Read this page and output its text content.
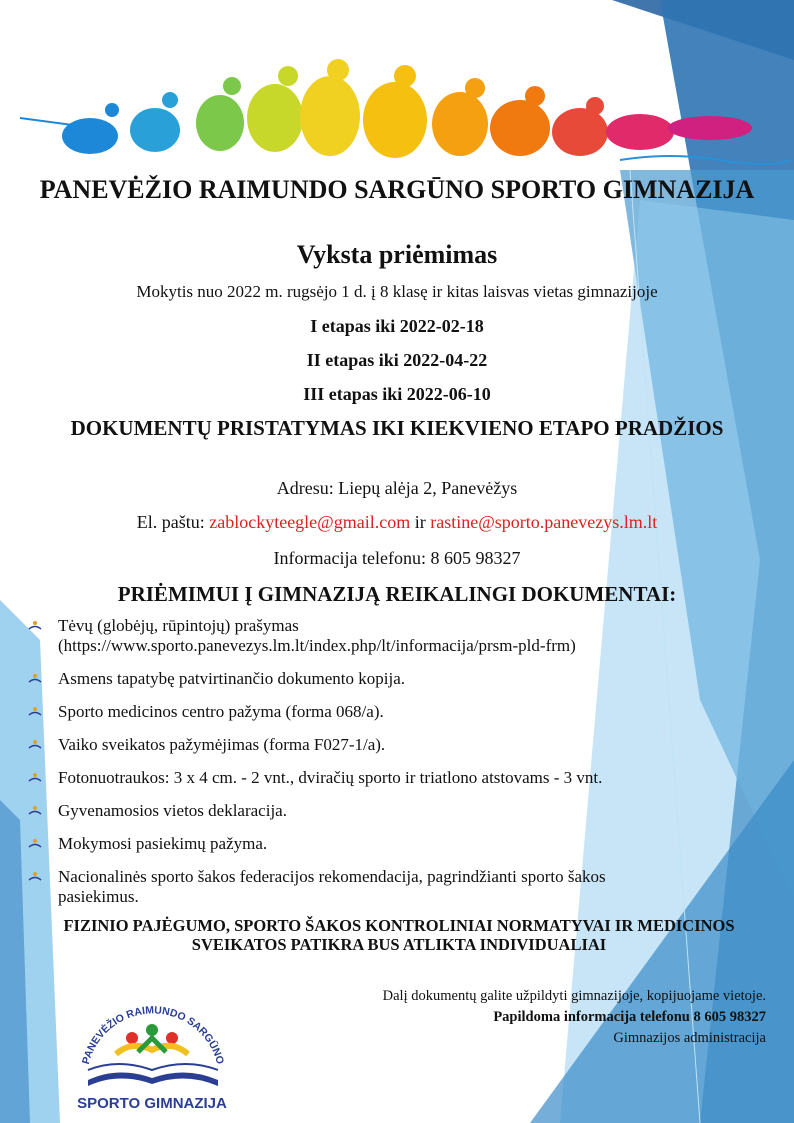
PANEVĖŽIO RAIMUNDO SARGŪNO SPORTO GIMNAZIJA
Vyksta priėmimas

Mokytis nuo 2022 m. rugsėjo 1 d. į 8 klasę ir kitas laisvas vietas gimnazijoje

I etapas iki 2022-02-18

II etapas iki 2022-04-22

III etapas iki 2022-06-10

DOKUMENTŲ PRISTATYMAS IKI KIEKVIENO ETAPO PRADŽIOS

Adresu: Liepų alėja 2, Panevėžys

El. paštu: zablockyteegle@gmail.com ir rastine@sporto.panevezys.lm.lt

Informacija telefonu: 8 605 98327

PRIĖMIMUI Į GIMNAZIJĄ REIKALINGI DOKUMENTAI:
Tėvų (globėjų, rūpintojų) prašymas
(https://www.sporto.panevezys.lm.lt/index.php/lt/informacija/prsm-pld-frm)
Asmens tapatybę patvirtinančio dokumento kopija.
Sporto medicinos centro pažyma (forma 068/a).
Vaiko sveikatos pažymėjimas (forma F027-1/a).
Fotonuotraukos: 3 x 4 cm. - 2 vnt., dviračių sporto ir triatlono atstovams - 3 vnt.
Gyvenamosios vietos deklaracija.
Mokymosi pasiekimų pažyma.
Nacionalinės sporto šakos federacijos rekomendacija, pagrindžianti sporto šakos
pasiekimus.

FIZINIO PAJĖGUMO, SPORTO ŠAKOS KONTROLINIAI NORMATYVAI IR MEDICINOS SVEIKATOS PATIKRA BUS ATLIKTA INDIVIDUALIAI

Dalį dokumentų galite užpildyti gimnazijoje, kopijuojame vietoje.

Papildoma informacija telefonu 8 605 98327

Gimnazijos administracija

PANEVĖŽIO RAIMUNDO SARGŪNO
SPORTO GIMNAZIJA
